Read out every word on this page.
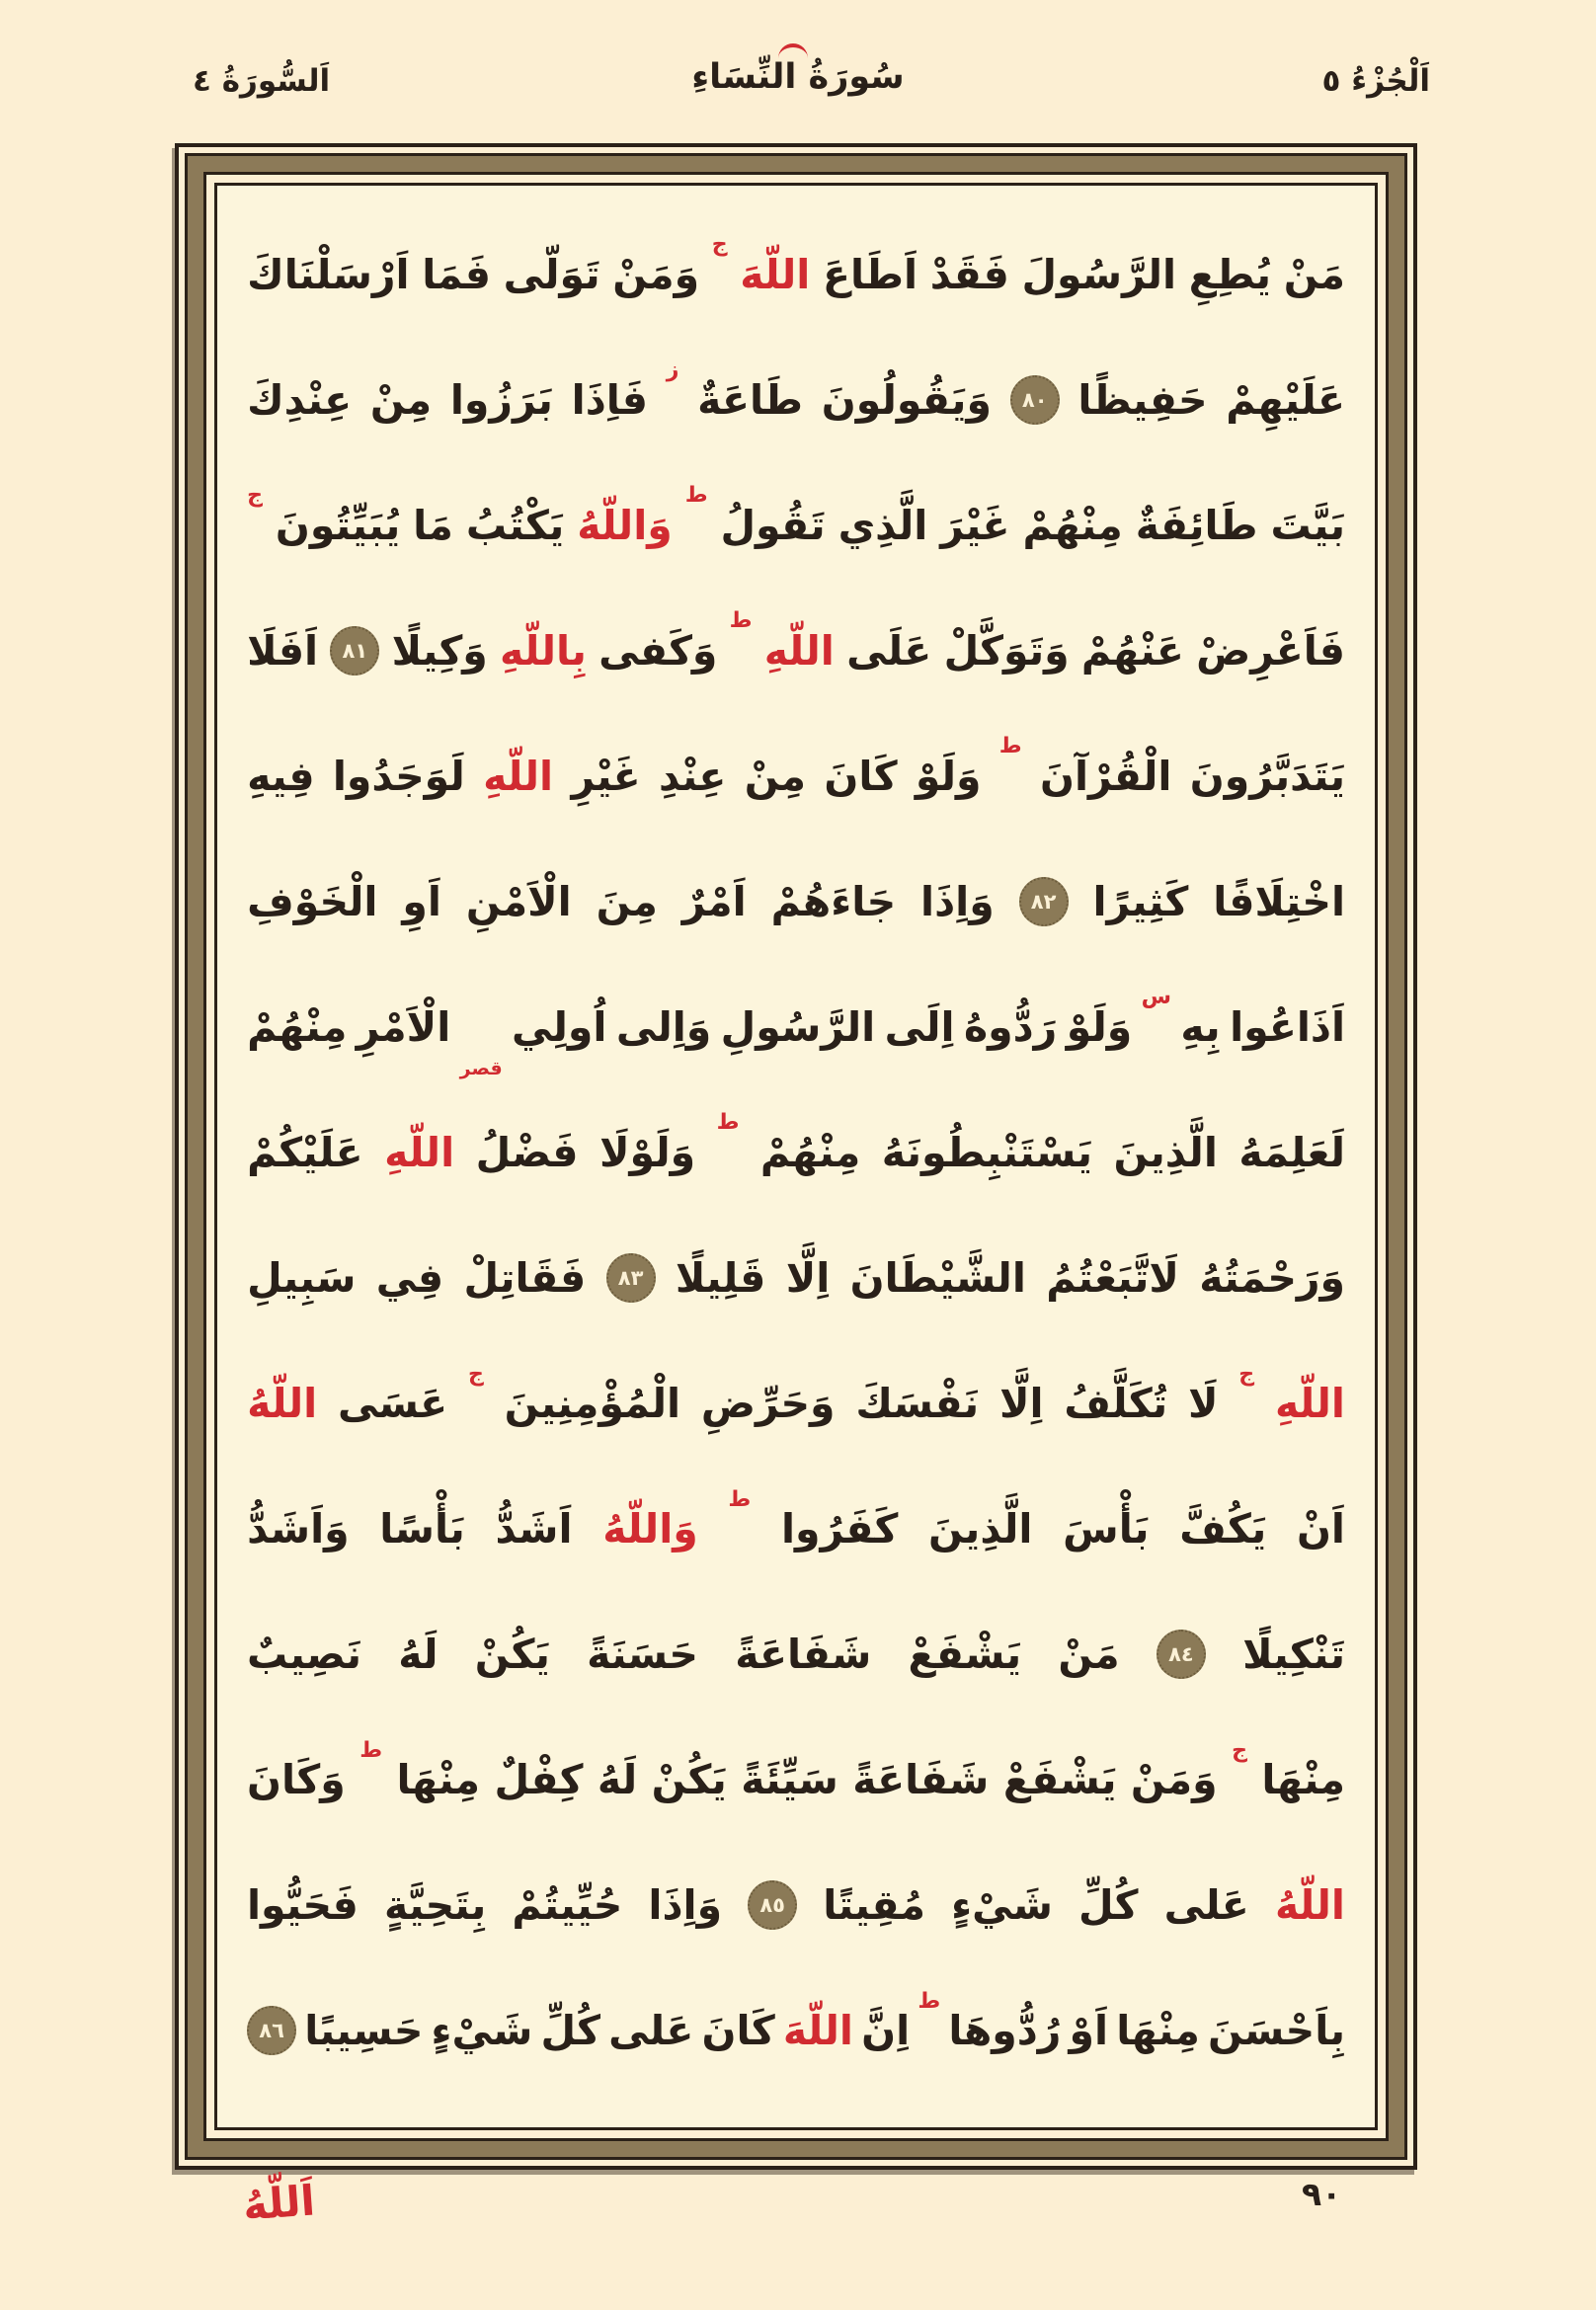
اَلْجُزْءُ ٥
سُورَةُ النِّسَاءِ
اَلسُّورَةُ ٤
مَنْ
يُطِعِ
الرَّسُولَ
فَقَدْ
اَطَاعَ
اللّهَ
ج
وَمَنْ
تَوَلّى
فَمَا
اَرْسَلْنَاكَ
عَلَيْهِمْ
حَفِيظًا
٨٠
وَيَقُولُونَ
طَاعَةٌ
ز
فَاِذَا
بَرَزُوا
مِنْ
عِنْدِكَ
بَيَّتَ
طَائِفَةٌ
مِنْهُمْ
غَيْرَ
الَّذِي
تَقُولُ
ط
وَاللّهُ
يَكْتُبُ
مَا
يُبَيِّتُونَ
ج
فَاَعْرِضْ
عَنْهُمْ
وَتَوَكَّلْ
عَلَى
اللّهِ
ط
وَكَفى
بِاللّهِ
وَكِيلًا
٨١
اَفَلَا
يَتَدَبَّرُونَ
الْقُرْآنَ
ط
وَلَوْ
كَانَ
مِنْ
عِنْدِ
غَيْرِ
اللّهِ
لَوَجَدُوا
فِيهِ
اخْتِلَافًا
كَثِيرًا
٨٢
وَاِذَا
جَاءَهُمْ
اَمْرٌ
مِنَ
الْاَمْنِ
اَوِ
الْخَوْفِ
اَذَاعُوا
بِهِ
س
وَلَوْ
رَدُّوهُ
اِلَى
الرَّسُولِ
وَاِلى
اُولِي
قصر
الْاَمْرِ
مِنْهُمْ
لَعَلِمَهُ
الَّذِينَ
يَسْتَنْبِطُونَهُ
مِنْهُمْ
ط
وَلَوْلَا
فَضْلُ
اللّهِ
عَلَيْكُمْ
وَرَحْمَتُهُ
لَاتَّبَعْتُمُ
الشَّيْطَانَ
اِلَّا
قَلِيلًا
٨٣
فَقَاتِلْ
فِي
سَبِيلِ
اللّهِ
ج
لَا
تُكَلَّفُ
اِلَّا
نَفْسَكَ
وَحَرِّضِ
الْمُؤْمِنِينَ
ج
عَسَى
اللّهُ
اَنْ
يَكُفَّ
بَأْسَ
الَّذِينَ
كَفَرُوا
ط
وَاللّهُ
اَشَدُّ
بَأْسًا
وَاَشَدُّ
تَنْكِيلًا
٨٤
مَنْ
يَشْفَعْ
شَفَاعَةً
حَسَنَةً
يَكُنْ
لَهُ
نَصِيبٌ
مِنْهَا
ج
وَمَنْ
يَشْفَعْ
شَفَاعَةً
سَيِّئَةً
يَكُنْ
لَهُ
كِفْلٌ
مِنْهَا
ط
وَكَانَ
اللّهُ
عَلى
كُلِّ
شَيْءٍ
مُقِيتًا
٨٥
وَاِذَا
حُيِّيتُمْ
بِتَحِيَّةٍ
فَحَيُّوا
بِاَحْسَنَ
مِنْهَا
اَوْ
رُدُّوهَا
ط
اِنَّ
اللّهَ
كَانَ
عَلى
كُلِّ
شَيْءٍ
حَسِيبًا
٨٦
٩٠
اَللّهُ
